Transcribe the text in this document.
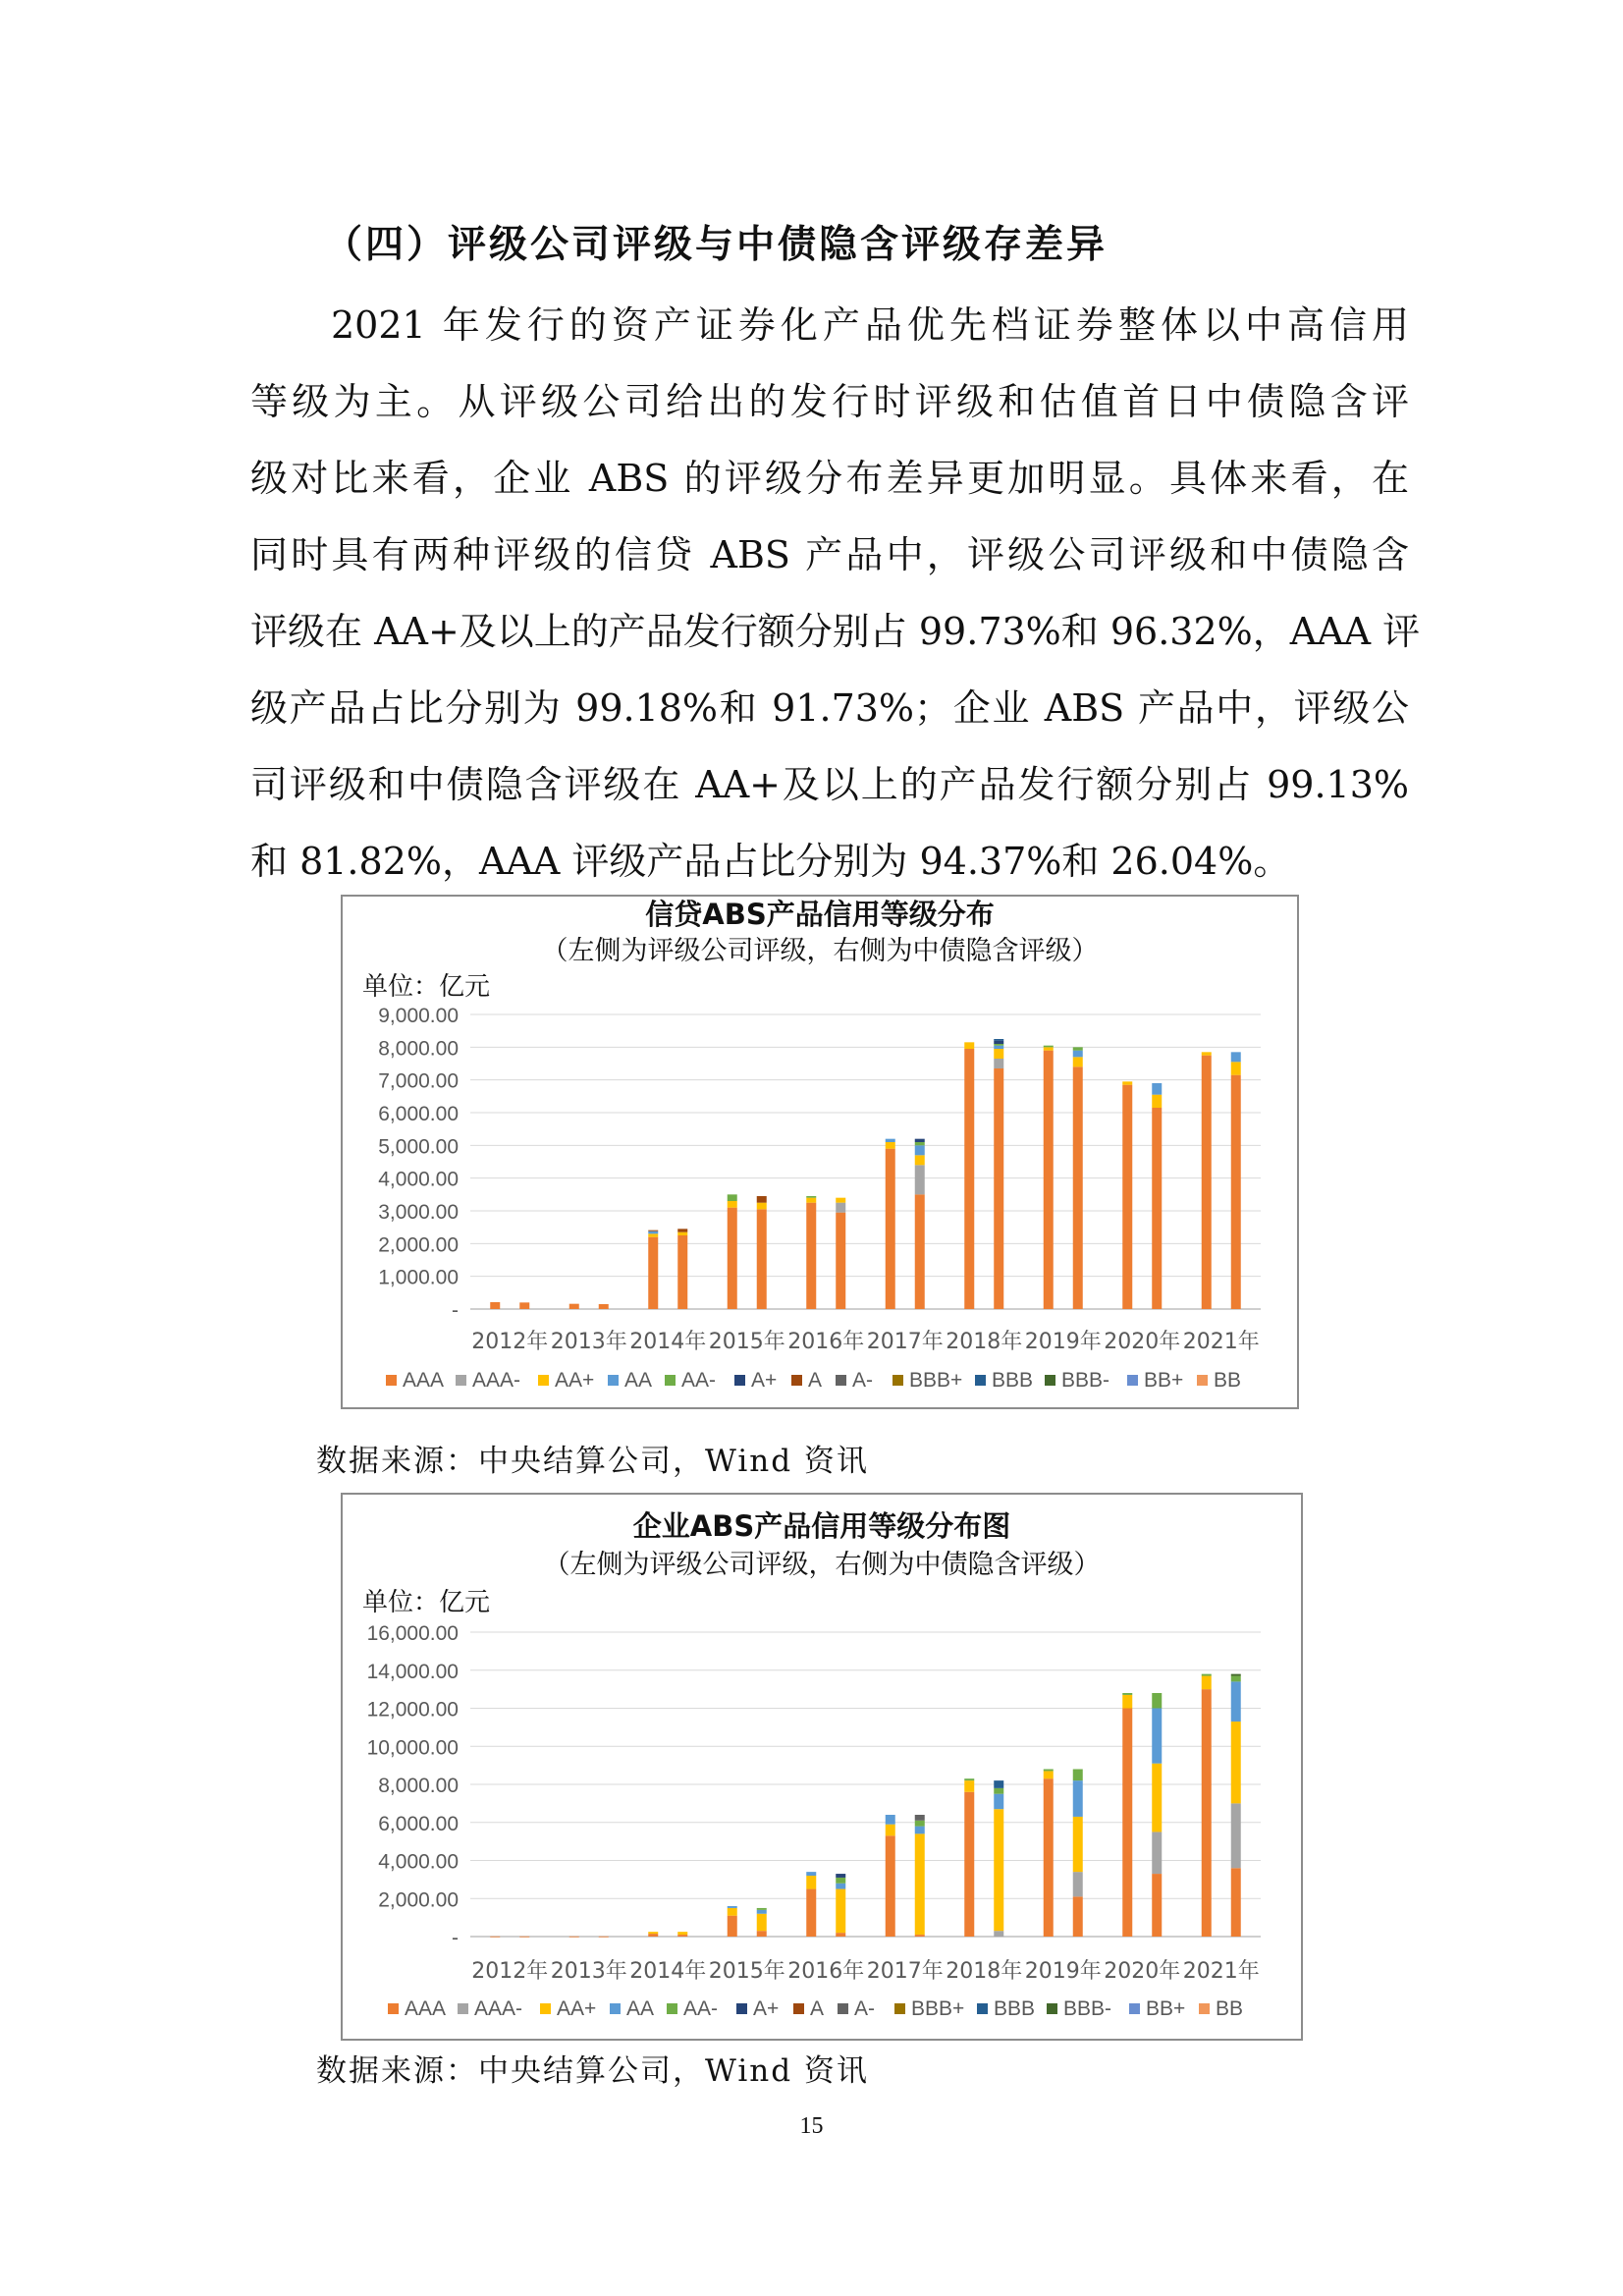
（四）评级公司评级与中债隐含评级存差异
2021 年发行的资产证券化产品优先档证券整体以中高信用
等级为主。从评级公司给出的发行时评级和估值首日中债隐含评
级对比来看，企业 ABS 的评级分布差异更加明显。具体来看，在
同时具有两种评级的信贷 ABS 产品中，评级公司评级和中债隐含
评级在 AA+及以上的产品发行额分别占 99.73%和 96.32%，AAA 评
级产品占比分别为 99.18%和 91.73%；企业 ABS 产品中，评级公
司评级和中债隐含评级在 AA+及以上的产品发行额分别占 99.13%
和 81.82%，AAA 评级产品占比分别为 94.37%和 26.04%。
信贷ABS产品信用等级分布
（左侧为评级公司评级，右侧为中债隐含评级）
单位：亿元
9,000.00
8,000.00
7,000.00
6,000.00
5,000.00
4,000.00
3,000.00
2,000.00
1,000.00
-
2012年 2013年 2014年 2015年 2016年 2017年 2018年 2019年 2020年 2021年
AAA AAA- AA+ AA AA- A+ A A- BBB+ BBB BBB- BB+ BB
数据来源：中央结算公司，Wind 资讯
企业ABS产品信用等级分布图
（左侧为评级公司评级，右侧为中债隐含评级）
单位：亿元
16,000.00
14,000.00
12,000.00
10,000.00
8,000.00
6,000.00
4,000.00
2,000.00
-
2012年 2013年 2014年 2015年 2016年 2017年 2018年 2019年 2020年 2021年
AAA AAA- AA+ AA AA- A+ A A- BBB+ BBB BBB- BB+ BB
数据来源：中央结算公司，Wind 资讯
15
